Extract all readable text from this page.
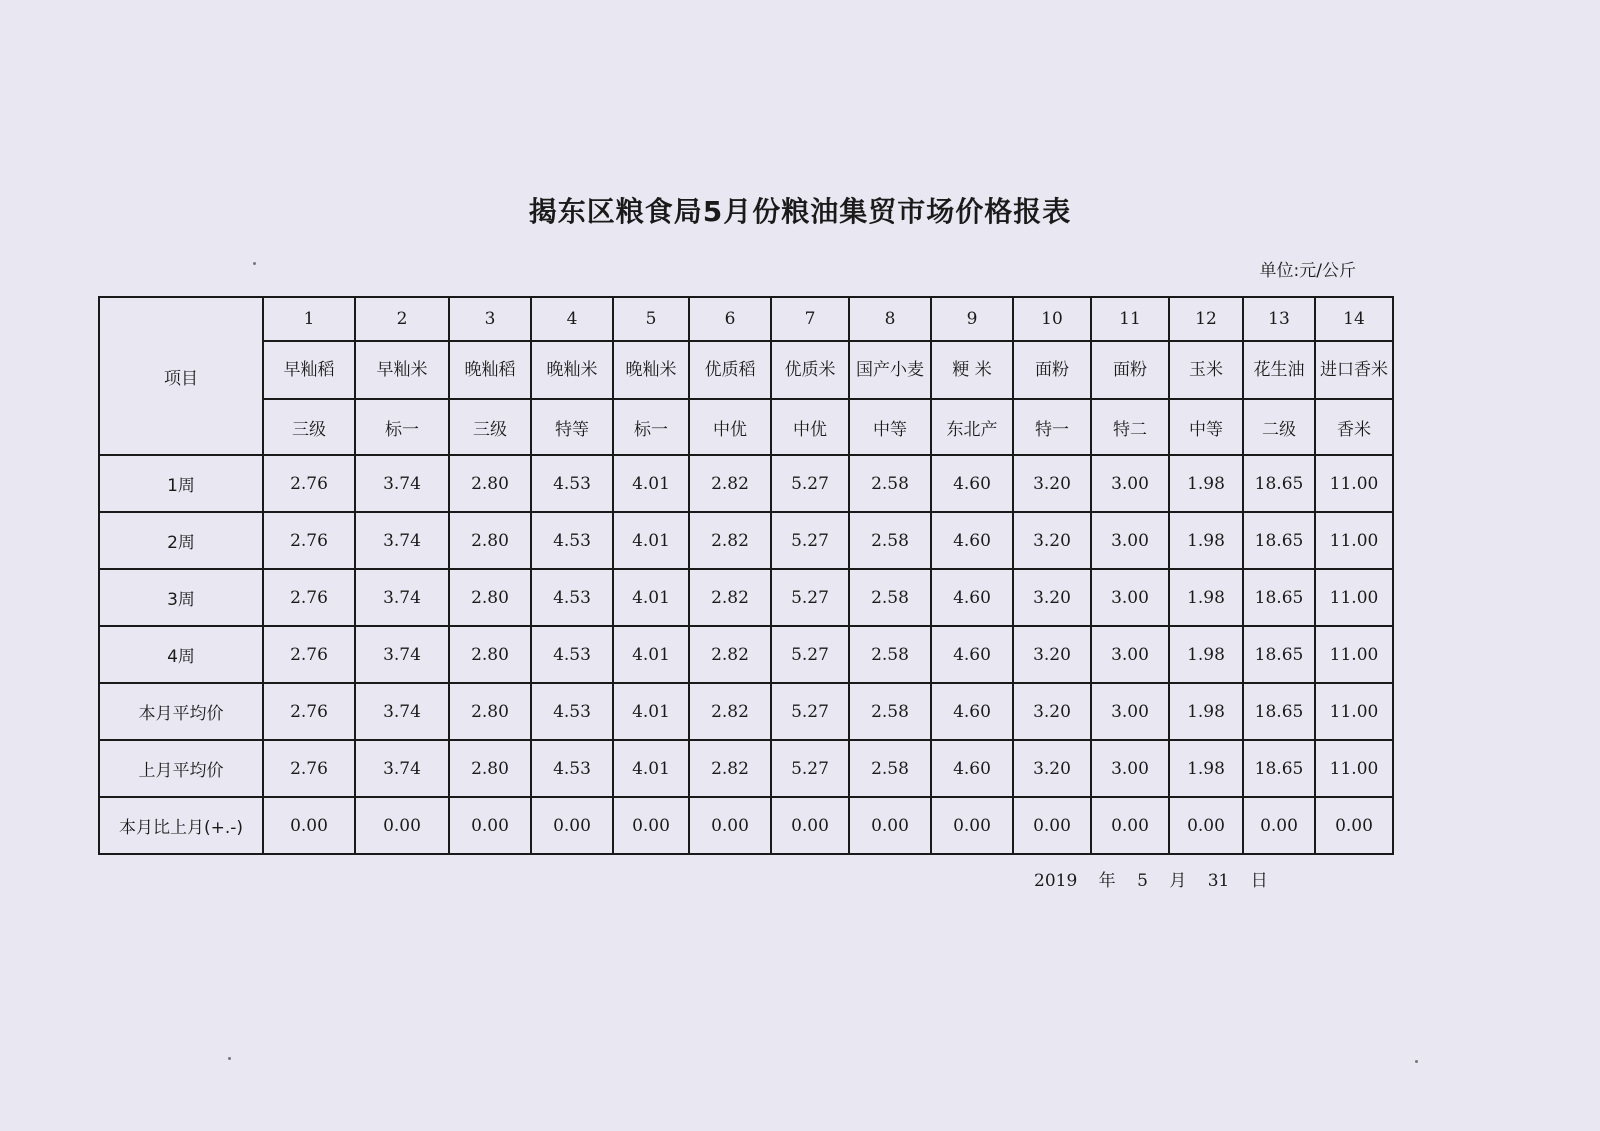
揭东区粮食局5月份粮油集贸市场价格报表
单位:元/公斤
项目	1	2	3	4	5	6	7	8	9	10	11	12	13	14
	早籼稻	早籼米	晚籼稻	晚籼米	晚籼米	优质稻	优质米	国产小麦	粳 米	面粉	面粉	玉米	花生油	进口香米
	三级	标一	三级	特等	标一	中优	中优	中等	东北产	特一	特二	中等	二级	香米
1周	2.76	3.74	2.80	4.53	4.01	2.82	5.27	2.58	4.60	3.20	3.00	1.98	18.65	11.00
2周	2.76	3.74	2.80	4.53	4.01	2.82	5.27	2.58	4.60	3.20	3.00	1.98	18.65	11.00
3周	2.76	3.74	2.80	4.53	4.01	2.82	5.27	2.58	4.60	3.20	3.00	1.98	18.65	11.00
4周	2.76	3.74	2.80	4.53	4.01	2.82	5.27	2.58	4.60	3.20	3.00	1.98	18.65	11.00
本月平均价	2.76	3.74	2.80	4.53	4.01	2.82	5.27	2.58	4.60	3.20	3.00	1.98	18.65	11.00
上月平均价	2.76	3.74	2.80	4.53	4.01	2.82	5.27	2.58	4.60	3.20	3.00	1.98	18.65	11.00
本月比上月(+.-)	0.00	0.00	0.00	0.00	0.00	0.00	0.00	0.00	0.00	0.00	0.00	0.00	0.00	0.00
2019 年 5 月 31 日
